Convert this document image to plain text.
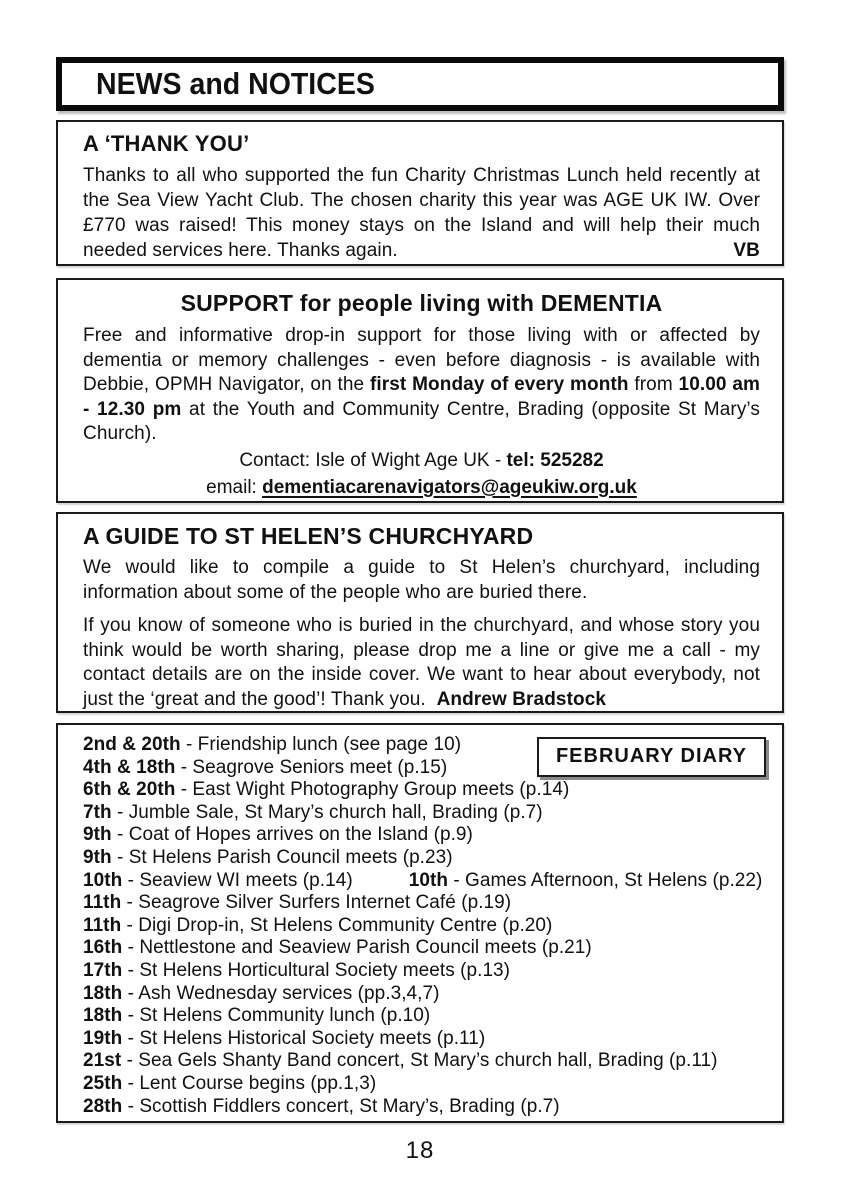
NEWS and NOTICES
A ‘THANK YOU’

Thanks to all who supported the fun Charity Christmas Lunch held recently at the Sea View Yacht Club. The chosen charity this year was AGE UK IW. Over £770 was raised! This money stays on the Island and will help their much needed services here. Thanks again.	VB

SUPPORT for people living with DEMENTIA

Free and informative drop-in support for those living with or affected by dementia or memory challenges - even before diagnosis - is available with Debbie, OPMH Navigator, on the first Monday of every month from 10.00 am - 12.30 pm at the Youth and Community Centre, Brading (opposite St Mary’s Church).

Contact: Isle of Wight Age UK - tel: 525282
email: dementiacarenavigators@ageukiw.org.uk
A GUIDE TO ST HELEN’S CHURCHYARD

We would like to compile a guide to St Helen’s churchyard, including information about some of the people who are buried there.

If you know of someone who is buried in the churchyard, and whose story you think would be worth sharing, please drop me a line or give me a call - my contact details are on the inside cover. We want to hear about everybody, not just the ‘great and the good’! Thank you.  Andrew Bradstock

FEBRUARY DIARY
2nd & 20th - Friendship lunch (see page 10)
4th & 18th - Seagrove Seniors meet (p.15)
6th & 20th - East Wight Photography Group meets (p.14)
7th - Jumble Sale, St Mary’s church hall, Brading (p.7)
9th - Coat of Hopes arrives on the Island (p.9)
9th - St Helens Parish Council meets (p.23)
10th - Seaview WI meets (p.14)	10th - Games Afternoon, St Helens (p.22)
11th - Seagrove Silver Surfers Internet Café (p.19)
11th - Digi Drop-in, St Helens Community Centre (p.20)
16th - Nettlestone and Seaview Parish Council meets (p.21)
17th - St Helens Horticultural Society meets (p.13)
18th - Ash Wednesday services (pp.3,4,7)
18th - St Helens Community lunch (p.10)
19th - St Helens Historical Society meets (p.11)
21st - Sea Gels Shanty Band concert, St Mary’s church hall, Brading (p.11)
25th - Lent Course begins (pp.1,3)
28th - Scottish Fiddlers concert, St Mary’s, Brading (p.7)
18
